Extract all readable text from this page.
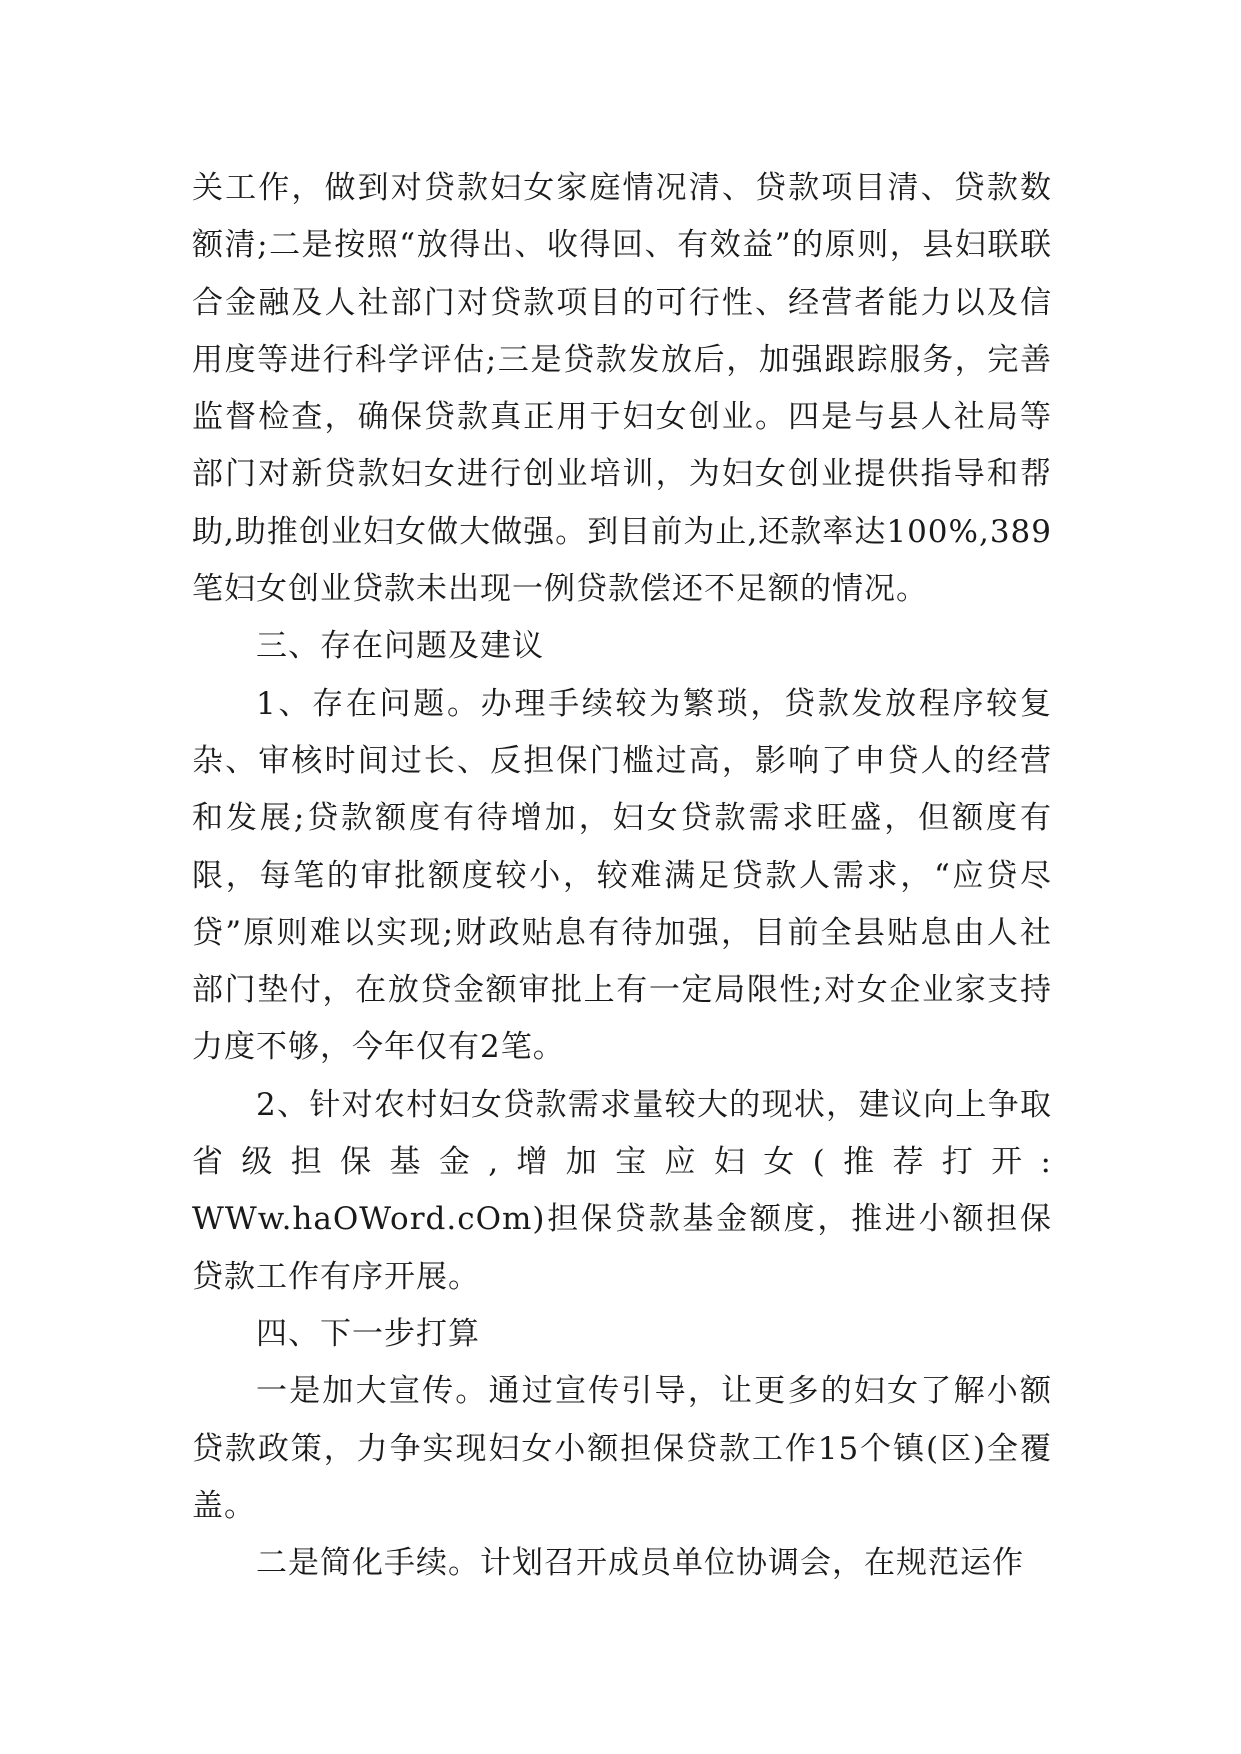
关工作，做到对贷款妇女家庭情况清、贷款项目清、贷款数额清;二是按照“放得出、收得回、有效益”的原则，县妇联联合金融及人社部门对贷款项目的可行性、经营者能力以及信用度等进行科学评估;三是贷款发放后，加强跟踪服务，完善监督检查，确保贷款真正用于妇女创业。四是与县人社局等部门对新贷款妇女进行创业培训，为妇女创业提供指导和帮助,助推创业妇女做大做强。到目前为止,还款率达100%,389笔妇女创业贷款未出现一例贷款偿还不足额的情况。

三、存在问题及建议

1、存在问题。办理手续较为繁琐，贷款发放程序较复杂、审核时间过长、反担保门槛过高，影响了申贷人的经营和发展;贷款额度有待增加，妇女贷款需求旺盛，但额度有限，每笔的审批额度较小，较难满足贷款人需求，“应贷尽贷”原则难以实现;财政贴息有待加强，目前全县贴息由人社部门垫付，在放贷金额审批上有一定局限性;对女企业家支持力度不够，今年仅有2笔。

2、针对农村妇女贷款需求量较大的现状，建议向上争取省级担保基金,增加宝应妇女(推荐打开: WWw.haOWord.cOm)担保贷款基金额度，推进小额担保贷款工作有序开展。

四、下一步打算

一是加大宣传。通过宣传引导，让更多的妇女了解小额贷款政策，力争实现妇女小额担保贷款工作15个镇(区)全覆盖。

二是简化手续。计划召开成员单位协调会，在规范运作
